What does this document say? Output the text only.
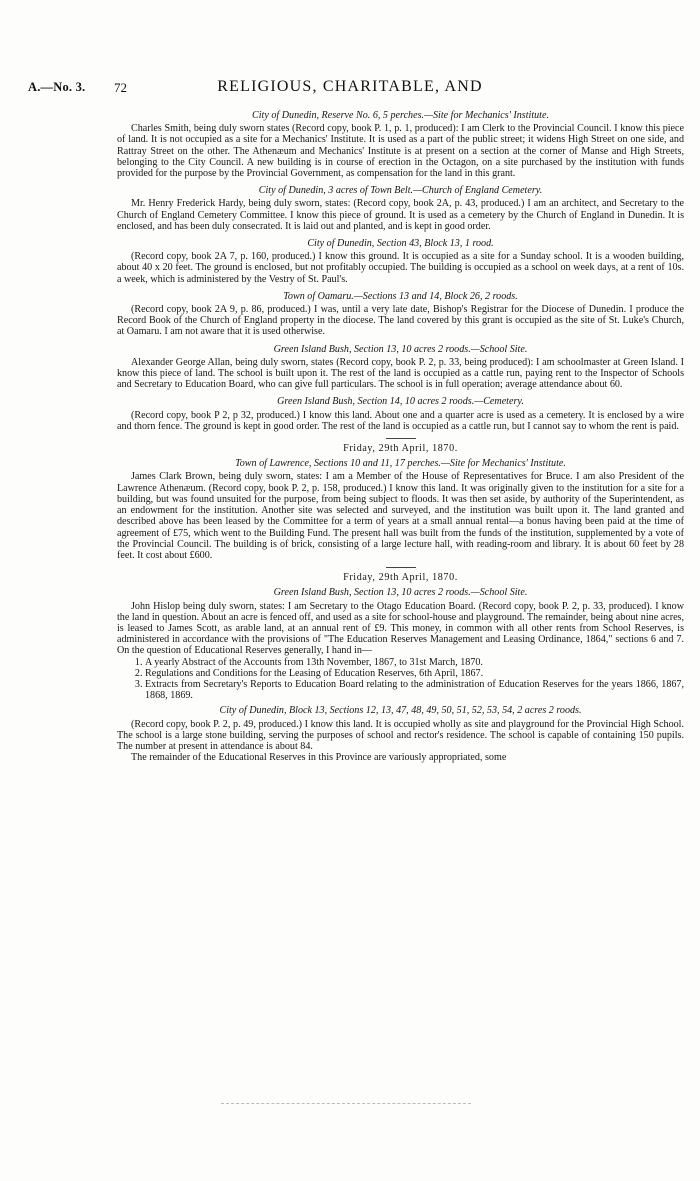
A.—No. 3. 72	RELIGIOUS, CHARITABLE, AND
City of Dunedin, Reserve No. 6, 5 perches.—Site for Mechanics' Institute.

Charles Smith, being duly sworn states (Record copy, book P. 1, p. 1, produced): I am Clerk to the Provincial Council. I know this piece of land. It is not occupied as a site for a Mechanics' Institute. It is used as a part of the public street; it widens High Street on one side, and Rattray Street on the other. The Athenæum and Mechanics' Institute is at present on a section at the corner of Manse and High Streets, belonging to the City Council. A new building is in course of erection in the Octagon, on a site purchased by the institution with funds provided for the purpose by the Provincial Government, as compensation for the land in this grant.

City of Dunedin, 3 acres of Town Belt.—Church of England Cemetery.

Mr. Henry Frederick Hardy, being duly sworn, states: (Record copy, book 2A, p. 43, produced.) I am an architect, and Secretary to the Church of England Cemetery Committee. I know this piece of ground. It is used as a cemetery by the Church of England in Dunedin. It is enclosed, and has been duly consecrated. It is laid out and planted, and is kept in good order.

City of Dunedin, Section 43, Block 13, 1 rood.

(Record copy, book 2A 7, p. 160, produced.) I know this ground. It is occupied as a site for a Sunday school. It is a wooden building, about 40 x 20 feet. The ground is enclosed, but not profitably occupied. The building is occupied as a school on week days, at a rent of 10s. a week, which is administered by the Vestry of St. Paul's.

Town of Oamaru.—Sections 13 and 14, Block 26, 2 roods.

(Record copy, book 2A 9, p. 86, produced.) I was, until a very late date, Bishop's Registrar for the Diocese of Dunedin. I produce the Record Book of the Church of England property in the diocese. The land covered by this grant is occupied as the site of St. Luke's Church, at Oamaru. I am not aware that it is used otherwise.

Green Island Bush, Section 13, 10 acres 2 roods.—School Site.

Alexander George Allan, being duly sworn, states (Record copy, book P. 2, p. 33, being produced): I am schoolmaster at Green Island. I know this piece of land. The school is built upon it. The rest of the land is occupied as a cattle run, paying rent to the Inspector of Schools and Secretary to Education Board, who can give full particulars. The school is in full operation; average attendance about 60.

Green Island Bush, Section 14, 10 acres 2 roods.—Cemetery.

(Record copy, book P 2, p 32, produced.) I know this land. About one and a quarter acre is used as a cemetery. It is enclosed by a wire and thorn fence. The ground is kept in good order. The rest of the land is occupied as a cattle run, but I cannot say to whom the rent is paid.

Friday, 29th April, 1870.
Town of Lawrence, Sections 10 and 11, 17 perches.—Site for Mechanics' Institute.

James Clark Brown, being duly sworn, states: I am a Member of the House of Representatives for Bruce. I am also President of the Lawrence Athenæum. (Record copy, book P. 2, p. 158, produced.) I know this land. It was originally given to the institution for a site for a building, but was found unsuited for the purpose, from being subject to floods. It was then set aside, by authority of the Superintendent, as an endowment for the institution. Another site was selected and surveyed, and the institution was built upon it. The land granted and described above has been leased by the Committee for a term of years at a small annual rental—a bonus having been paid at the time of agreement of £75, which went to the Building Fund. The present hall was built from the funds of the institution, supplemented by a vote of the Provincial Council. The building is of brick, consisting of a large lecture hall, with reading-room and library. It is about 60 feet by 28 feet. It cost about £600.

Friday, 29th April, 1870.
Green Island Bush, Section 13, 10 acres 2 roods.—School Site.

John Hislop being duly sworn, states: I am Secretary to the Otago Education Board. (Record copy, book P. 2, p. 33, produced). I know the land in question. About an acre is fenced off, and used as a site for school-house and playground. The remainder, being about nine acres, is leased to James Scott, as arable land, at an annual rent of £9. This money, in common with all other rents from School Reserves, is administered in accordance with the provisions of "The Education Reserves Management and Leasing Ordinance, 1864," sections 6 and 7. On the question of Educational Reserves generally, I hand in—

1. A yearly Abstract of the Accounts from 13th November, 1867, to 31st March, 1870.
2. Regulations and Conditions for the Leasing of Education Reserves, 6th April, 1867.
3. Extracts from Secretary's Reports to Education Board relating to the administration of Education Reserves for the years 1866, 1867, 1868, 1869.
City of Dunedin, Block 13, Sections 12, 13, 47, 48, 49, 50, 51, 52, 53, 54, 2 acres 2 roods.

(Record copy, book P. 2, p. 49, produced.) I know this land. It is occupied wholly as site and playground for the Provincial High School. The school is a large stone building, serving the purposes of school and rector's residence. The school is capable of containing 150 pupils. The number at present in attendance is about 84.

The remainder of the Educational Reserves in this Province are variously appropriated, some
